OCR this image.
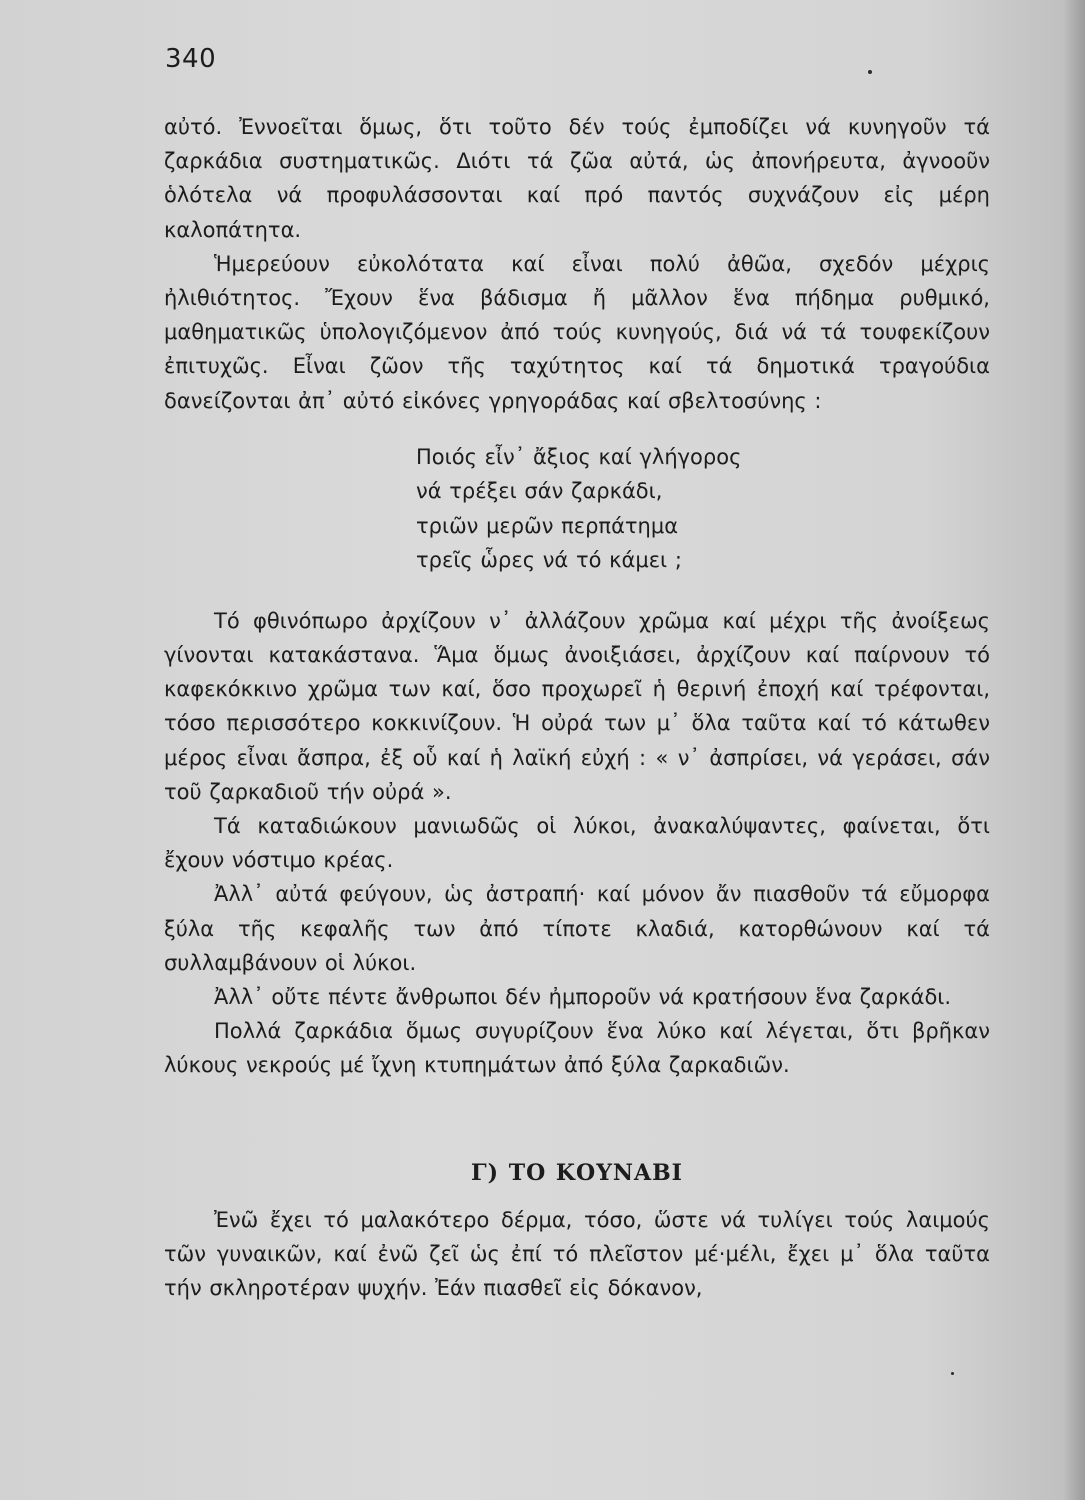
340

αὐτό. Ἐννοεῖται ὅμως, ὅτι τοῦτο δέν τούς ἐμποδίζει νά κυνηγοῦν τά ζαρκάδια συστηματικῶς. Διότι τά ζῶα αὐτά, ὡς ἀπονήρευτα, ἀγνοοῦν ὁλότελα νά προφυλάσσονται καί πρό παντός συχνάζουν εἰς μέρη καλοπάτητα.

Ἡμερεύουν εὐκολότατα καί εἶναι πολύ ἀθῶα, σχεδόν μέχρις ἠλιθιότητος. Ἔχουν ἕνα βάδισμα ἤ μᾶλλον ἕνα πήδημα ρυθμικό, μαθηματικῶς ὑπολογιζόμενον ἀπό τούς κυνηγούς, διά νά τά τουφεκίζουν ἐπιτυχῶς. Εἶναι ζῶον τῆς ταχύτητος καί τά δημοτικά τραγούδια δανείζονται ἀπ᾿ αὐτό εἰκόνες γρηγοράδας καί σβελτοσύνης :

Ποιός εἶν᾿ ἄξιος καί γλήγορος
νά τρέξει σάν ζαρκάδι,
τριῶν μερῶν περπάτημα
τρεῖς ὧρες νά τό κάμει ;

Τό φθινόπωρο ἀρχίζουν ν᾿ ἀλλάζουν χρῶμα καί μέχρι τῆς ἀνοίξεως γίνονται κατακάστανα. Ἅμα ὅμως ἀνοιξιάσει, ἀρχίζουν καί παίρνουν τό καφεκόκκινο χρῶμα των καί, ὅσο προχωρεῖ ἡ θερινή ἐποχή καί τρέφονται, τόσο περισσότερο κοκκινίζουν. Ἡ οὐρά των μ᾿ ὅλα ταῦτα καί τό κάτωθεν μέρος εἶναι ἄσπρα, ἐξ οὗ καί ἡ λαϊκή εὐχή : « ν᾿ ἀσπρίσει, νά γεράσει, σάν τοῦ ζαρκαδιοῦ τήν οὐρά ».

Τά καταδιώκουν μανιωδῶς οἱ λύκοι, ἀνακαλύψαντες, φαίνεται, ὅτι ἔχουν νόστιμο κρέας.

Ἀλλ᾿ αὐτά φεύγουν, ὡς ἀστραπή· καί μόνον ἄν πιασθοῦν τά εὔμορφα ξύλα τῆς κεφαλῆς των ἀπό τίποτε κλαδιά, κατορθώνουν καί τά συλλαμβάνουν οἱ λύκοι.

Ἀλλ᾿ οὔτε πέντε ἄνθρωποι δέν ἠμποροῦν νά κρατήσουν ἕνα ζαρκάδι.

Πολλά ζαρκάδια ὅμως συγυρίζουν ἕνα λύκο καί λέγεται, ὅτι βρῆκαν λύκους νεκρούς μέ ἴχνη κτυπημάτων ἀπό ξύλα ζαρκαδιῶν.

Γ) ΤΟ ΚΟΥΝΑΒΙ

Ἐνῶ ἔχει τό μαλακότερο δέρμα, τόσο, ὥστε νά τυλίγει τούς λαιμούς τῶν γυναικῶν, καί ἐνῶ ζεῖ ὡς ἐπί τό πλεῖστον μέ·μέλι, ἔχει μ᾿ ὅλα ταῦτα τήν σκληροτέραν ψυχήν. Ἐάν πιασθεῖ εἰς δόκανον,
